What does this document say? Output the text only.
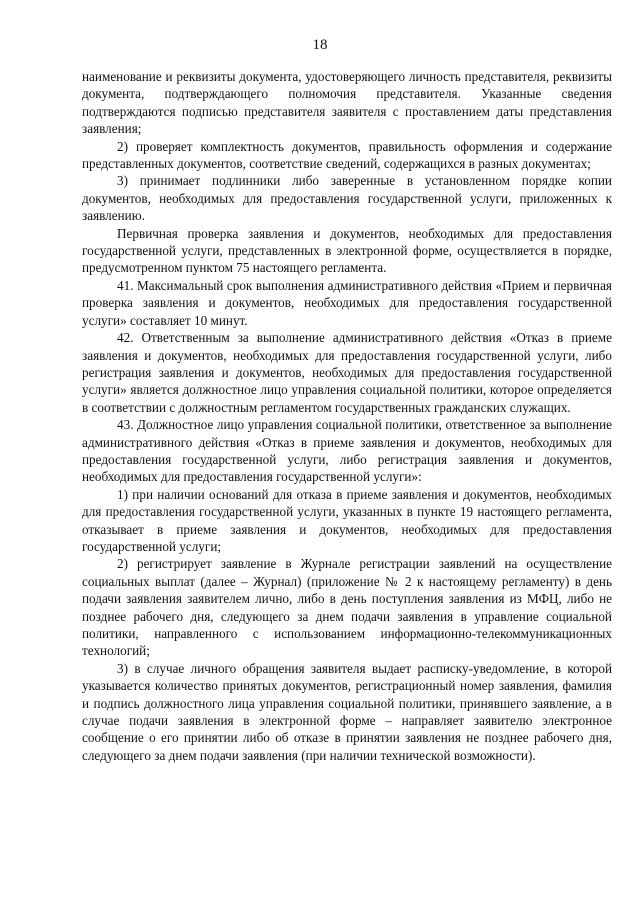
18

наименование и реквизиты документа, удостоверяющего личность представителя, реквизиты документа, подтверждающего полномочия представителя. Указанные сведения подтверждаются подписью представителя заявителя с проставлением даты представления заявления;

2) проверяет комплектность документов, правильность оформления и содержание представленных документов, соответствие сведений, содержащихся в разных документах;

3) принимает подлинники либо заверенные в установленном порядке копии документов, необходимых для предоставления государственной услуги, приложенных к заявлению.

Первичная проверка заявления и документов, необходимых для предоставления государственной услуги, представленных в электронной форме, осуществляется в порядке, предусмотренном пунктом 75 настоящего регламента.

41. Максимальный срок выполнения административного действия «Прием и первичная проверка заявления и документов, необходимых для предоставления государственной услуги» составляет 10 минут.

42. Ответственным за выполнение административного действия «Отказ в приеме заявления и документов, необходимых для предоставления государственной услуги, либо регистрация заявления и документов, необходимых для предоставления государственной услуги» является должностное лицо управления социальной политики, которое определяется в соответствии с должностным регламентом государственных гражданских служащих.

43. Должностное лицо управления социальной политики, ответственное за выполнение административного действия «Отказ в приеме заявления и документов, необходимых для предоставления государственной услуги, либо регистрация заявления и документов, необходимых для предоставления государственной услуги»:

1) при наличии оснований для отказа в приеме заявления и документов, необходимых для предоставления государственной услуги, указанных в пункте 19 настоящего регламента, отказывает в приеме заявления и документов, необходимых для предоставления государственной услуги;

2) регистрирует заявление в Журнале регистрации заявлений на осуществление социальных выплат (далее – Журнал) (приложение № 2 к настоящему регламенту) в день подачи заявления заявителем лично, либо в день поступления заявления из МФЦ, либо не позднее рабочего дня, следующего за днем подачи заявления в управление социальной политики, направленного с использованием информационно-телекоммуникационных технологий;

3) в случае личного обращения заявителя выдает расписку-уведомление, в которой указывается количество принятых документов, регистрационный номер заявления, фамилия и подпись должностного лица управления социальной политики, принявшего заявление, а в случае подачи заявления в электронной форме – направляет заявителю электронное сообщение о его принятии либо об отказе в принятии заявления не позднее рабочего дня, следующего за днем подачи заявления (при наличии технической возможности).
